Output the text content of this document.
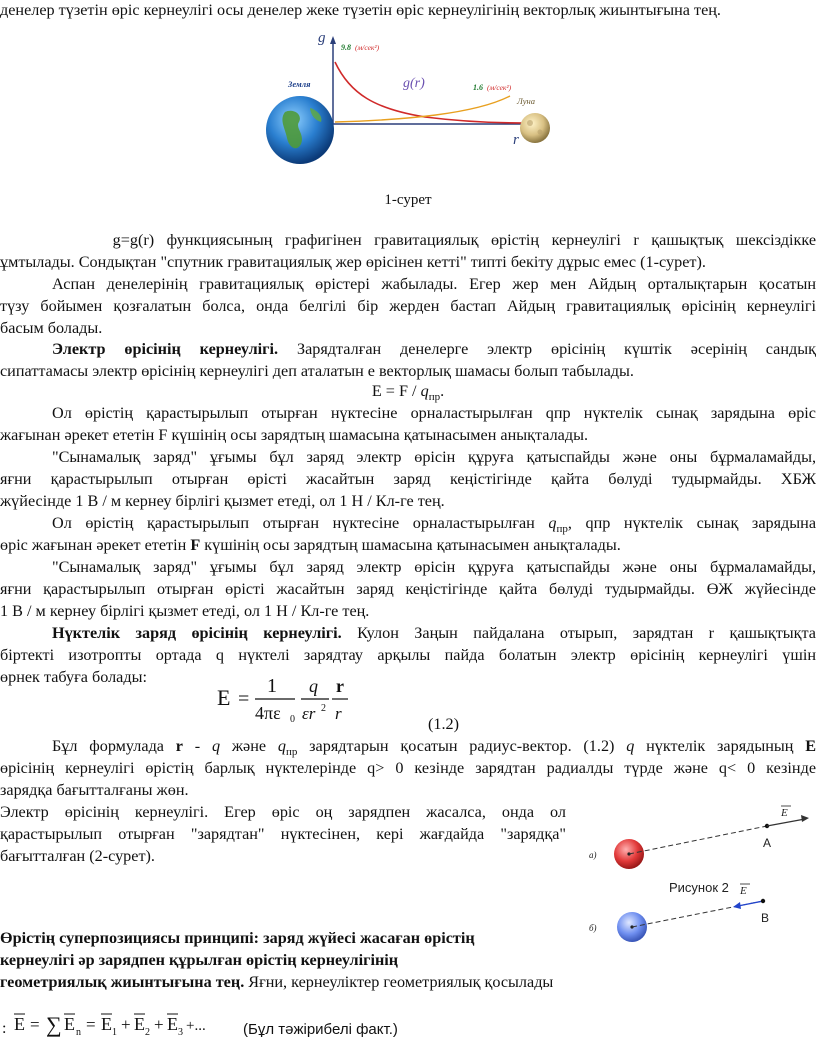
денелер түзетін өріс кернеулігі осы денелер жеке түзетін өріс кернеулігінің векторлық жиынтығына тең.
g
r
9.8 (м/сек²)
g(r)	1.6 (м/сек²)
Земля
Луна
1-сурет
g=g(r) функциясының графигінен гравитациялық өрістің кернеулігі r қашықтық шексіздікке
ұмтылады. Сондықтан "спутник гравитациялық жер өрісінен кетті" типті бекіту дұрыс емес (1-сурет).
Аспан денелерінің гравитациялық өрістері жабылады. Егер жер мен Айдың орталықтарын қосатын
түзу бойымен қозғалатын болса, онда белгілі бір жерден бастап Айдың гравитациялық өрісінің кернеулігі
басым болады.
Электр өрісінің кернеулігі. Зарядталған денелерге электр өрісінің күштік әсерінің сандық
сипаттамасы электр өрісінің кернеулігі деп аталатын е векторлық шамасы болып табылады.
$E = F / q_{пр}$.
Ол өрістің қарастырылып отырған нүктесіне орналастырылған qпр нүктелік сынақ зарядына өріс
жағынан әрекет ететін F күшінің осы зарядтың шамасына қатынасымен анықталады.
"Сынамалық заряд" ұғымы бұл заряд электр өрісін құруға қатыспайды және оны бұрмаламайды,
яғни қарастырылып отырған өрісті жасайтын заряд кеңістігінде қайта бөлуді тудырмайды. ХБЖ
жүйесінде 1 В / м кернеу бірлігі қызмет етеді, ол 1 Н / Кл-ге тең.
Ол өрістің қарастырылып отырған нүктесіне орналастырылған $q_{пр}$, qпр нүктелік сынақ зарядына
өріс жағынан әрекет ететін F күшінің осы зарядтың шамасына қатынасымен анықталады.
"Сынамалық заряд" ұғымы бұл заряд электр өрісін құруға қатыспайды және оны бұрмаламайды,
яғни қарастырылып отырған өрісті жасайтын заряд кеңістігінде қайта бөлуді тудырмайды. ӨЖ жүйесінде
1 В / м кернеу бірлігі қызмет етеді, ол 1 Н / Кл-ге тең.
Нүктелік заряд өрісінің кернеулігі. Кулон Заңын пайдалана отырып, зарядтан r қашықтықта
біртекті изотропты ортада q нүктелі зарядтау арқылы пайда болатын электр өрісінің кернеулігі үшін
өрнек табуға болады:
E =
1
4πε 0
q
εr 2
r
r
(1.2)
Бұл формулада r - q және $q_{пр}$ зарядтарын қосатын радиус-вектор. (1.2) q нүктелік зарядының E
өрісінің кернеулігі өрістің барлық нүктелерінде q> 0 кезінде зарядтан радиалды түрде және q< 0 кезінде
зарядқа бағытталғаны жөн.
Электр өрісінің кернеулігі. Егер өріс оң зарядпен жасалса, онда ол
қарастырылып отырған "зарядтан" нүктесінен, кері жағдайда "зарядқа"
бағытталған (2-сурет).	а)
A
E
Рисунок 2
б)
B
E
Өрістің суперпозициясы принципі: заряд жүйесі жасаған өрістің
кернеулігі әр зарядпен құрылған өрістің кернеулігінің
геометриялық жиынтығына тең. Яғни, кернеуліктер геометриялық қосылады
: E = ∑ E n = E 1 + E 2 + E 3 +... (Бұл тәжірибелі факт.)
